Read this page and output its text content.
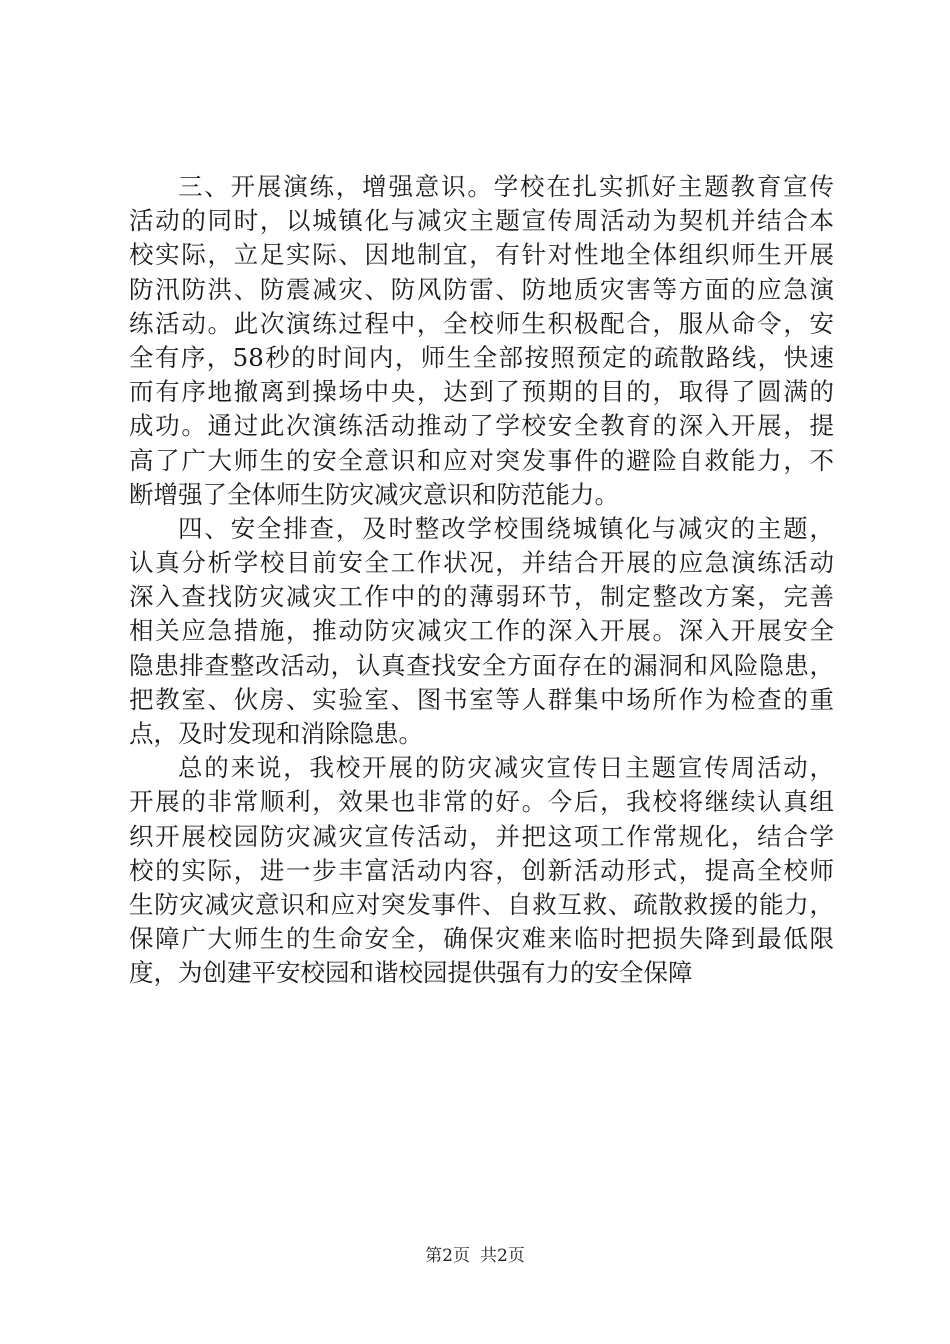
三、开展演练，增强意识。学校在扎实抓好主题教育宣传
活动的同时，以城镇化与减灾主题宣传周活动为契机并结合本
校实际，立足实际、因地制宜，有针对性地全体组织师生开展
防汛防洪、防震减灾、防风防雷、防地质灾害等方面的应急演
练活动。此次演练过程中，全校师生积极配合，服从命令，安
全有序，58秒的时间内，师生全部按照预定的疏散路线，快速
而有序地撤离到操场中央，达到了预期的目的，取得了圆满的
成功。通过此次演练活动推动了学校安全教育的深入开展，提
高了广大师生的安全意识和应对突发事件的避险自救能力，不
断增强了全体师生防灾减灾意识和防范能力。
四、安全排查，及时整改学校围绕城镇化与减灾的主题，
认真分析学校目前安全工作状况，并结合开展的应急演练活动
深入查找防灾减灾工作中的的薄弱环节，制定整改方案，完善
相关应急措施，推动防灾减灾工作的深入开展。深入开展安全
隐患排查整改活动，认真查找安全方面存在的漏洞和风险隐患，
把教室、伙房、实验室、图书室等人群集中场所作为检查的重
点，及时发现和消除隐患。
总的来说，我校开展的防灾减灾宣传日主题宣传周活动，
开展的非常顺利，效果也非常的好。今后，我校将继续认真组
织开展校园防灾减灾宣传活动，并把这项工作常规化，结合学
校的实际，进一步丰富活动内容，创新活动形式，提高全校师
生防灾减灾意识和应对突发事件、自救互救、疏散救援的能力，
保障广大师生的生命安全，确保灾难来临时把损失降到最低限
度，为创建平安校园和谐校园提供强有力的安全保障
第2页 共2页
